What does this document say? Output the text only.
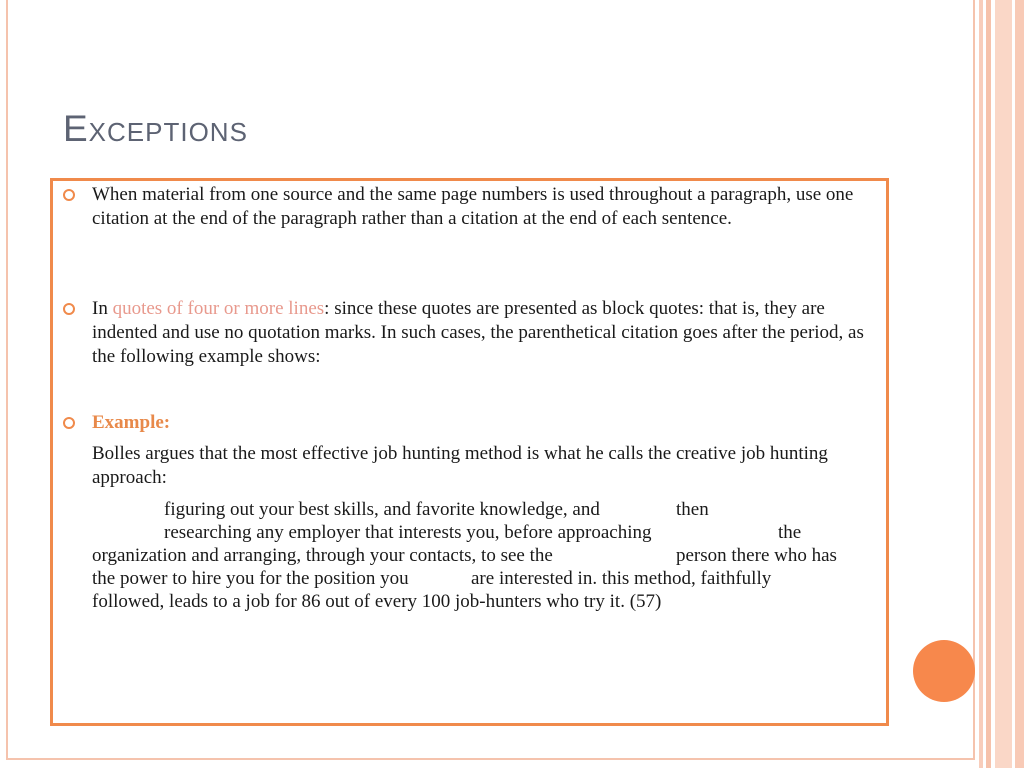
Exceptions
When material from one source and the same page numbers is used throughout a paragraph, use one citation at the end of the paragraph rather than a citation at the end of each sentence.
In quotes of four or more lines: since these quotes are presented as block quotes: that is, they are indented and use no quotation marks. In such cases, the parenthetical citation goes after the period, as the following example shows:
Example:
Bolles argues that the most effective job hunting method is what he calls the creative job hunting approach:
figuring out your best skills, and favorite knowledge, and	then
researching any employer that interests you, before approaching	the
organization and arranging, through your contacts, to see the	person there who has
the power to hire you for the position you	are interested in. this method, faithfully
followed, leads to a job for 86 out of every 100 job-hunters who try it. (57)
